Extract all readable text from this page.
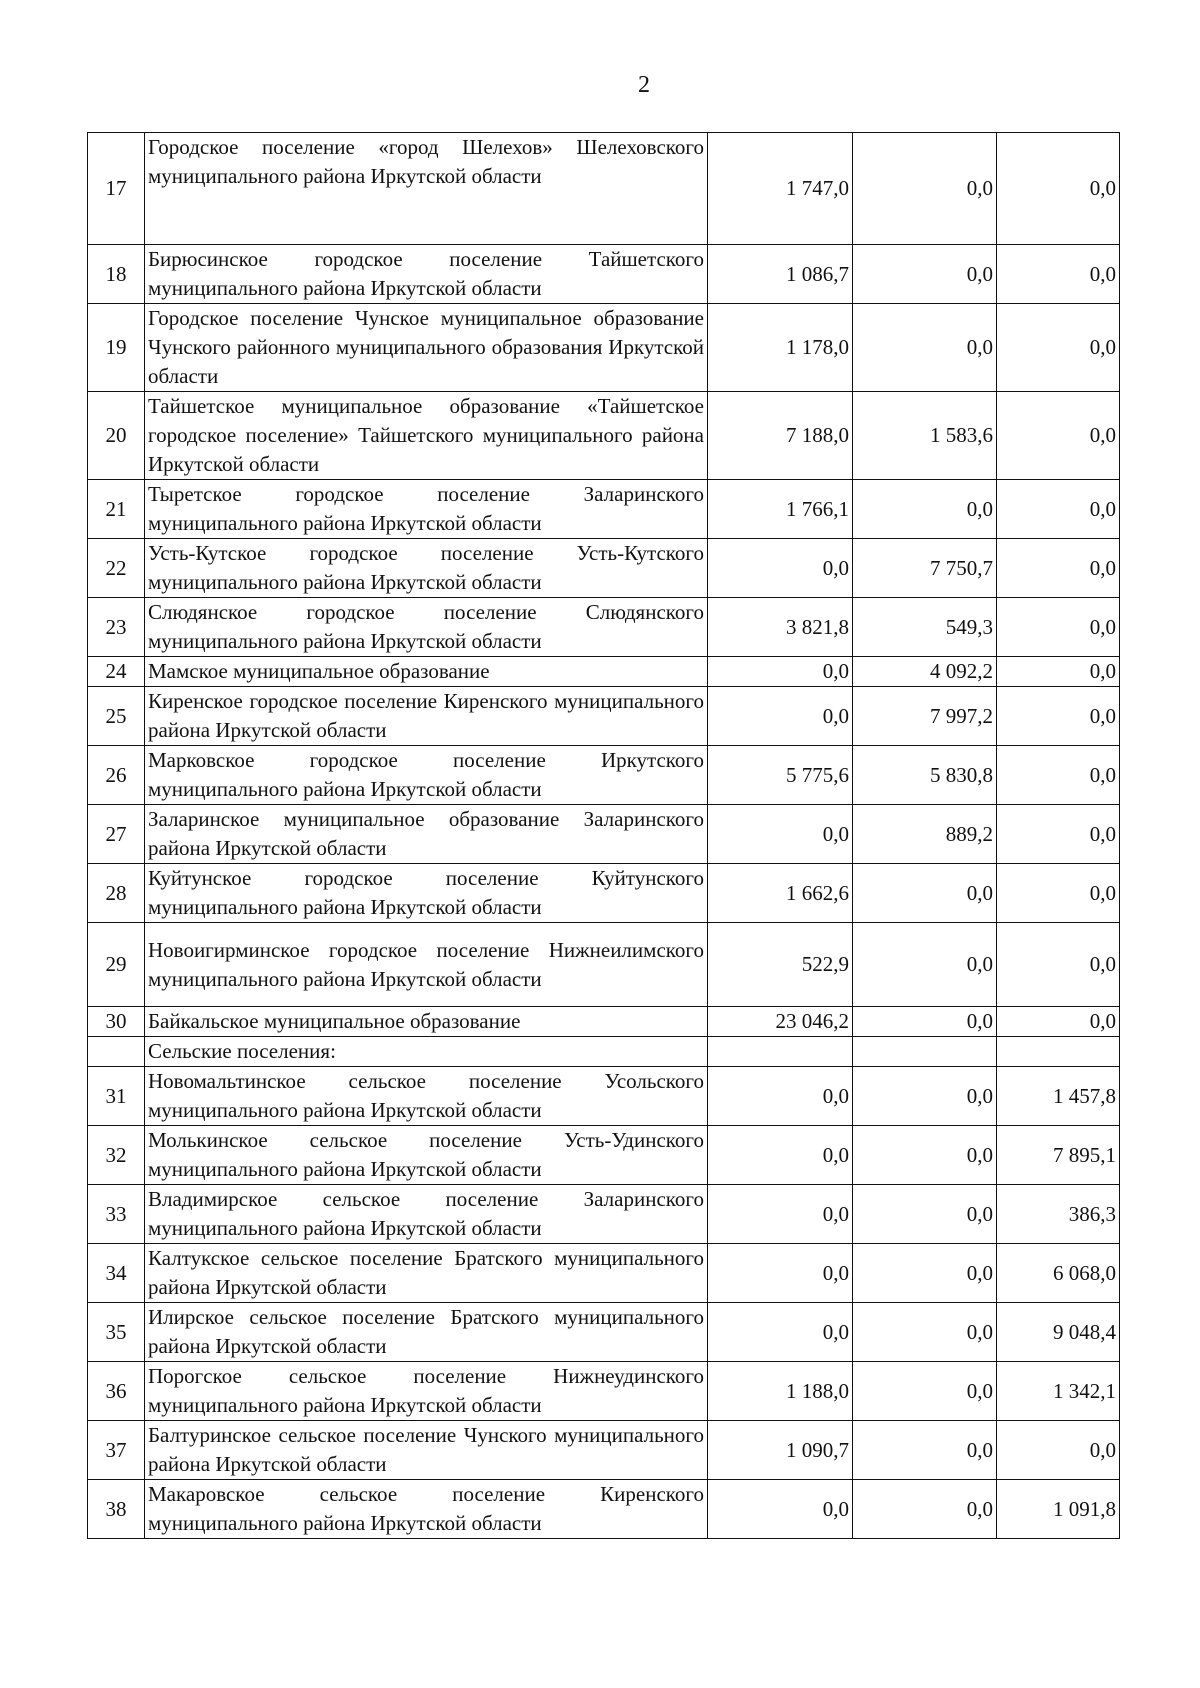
2
17	Городское поселение «город Шелехов» Шелеховского муниципального района Иркутской области	1 747,0	0,0	0,0
18	Бирюсинское городское поселение Тайшетского муниципального района Иркутской области	1 086,7	0,0	0,0
19	Городское поселение Чунское муниципальное образование Чунского районного муниципального образования Иркутской области	1 178,0	0,0	0,0
20	Тайшетское муниципальное образование «Тайшетское городское поселение» Тайшетского муниципального района Иркутской области	7 188,0	1 583,6	0,0
21	Тыретское городское поселение Заларинского муниципального района Иркутской области	1 766,1	0,0	0,0
22	Усть-Кутское городское поселение Усть-Кутского муниципального района Иркутской области	0,0	7 750,7	0,0
23	Слюдянское городское поселение Слюдянского муниципального района Иркутской области	3 821,8	549,3	0,0
24	Мамское муниципальное образование	0,0	4 092,2	0,0
25	Киренское городское поселение Киренского муниципального района Иркутской области	0,0	7 997,2	0,0
26	Марковское городское поселение Иркутского муниципального района Иркутской области	5 775,6	5 830,8	0,0
27	Заларинское муниципальное образование Заларинского района Иркутской области	0,0	889,2	0,0
28	Куйтунское городское поселение Куйтунского муниципального района Иркутской области	1 662,6	0,0	0,0
29	Новоигирминское городское поселение Нижнеилимского муниципального района Иркутской области	522,9	0,0	0,0
30	Байкальское муниципальное образование	23 046,2	0,0	0,0
	Сельские поселения:			
31	Новомальтинское сельское поселение Усольского муниципального района Иркутской области	0,0	0,0	1 457,8
32	Молькинское сельское поселение Усть-Удинского муниципального района Иркутской области	0,0	0,0	7 895,1
33	Владимирское сельское поселение Заларинского муниципального района Иркутской области	0,0	0,0	386,3
34	Калтукское сельское поселение Братского муниципального района Иркутской области	0,0	0,0	6 068,0
35	Илирское сельское поселение Братского муниципального района Иркутской области	0,0	0,0	9 048,4
36	Порогское сельское поселение Нижнеудинского муниципального района Иркутской области	1 188,0	0,0	1 342,1
37	Балтуринское сельское поселение Чунского муниципального района Иркутской области	1 090,7	0,0	0,0
38	Макаровское сельское поселение Киренского муниципального района Иркутской области	0,0	0,0	1 091,8
